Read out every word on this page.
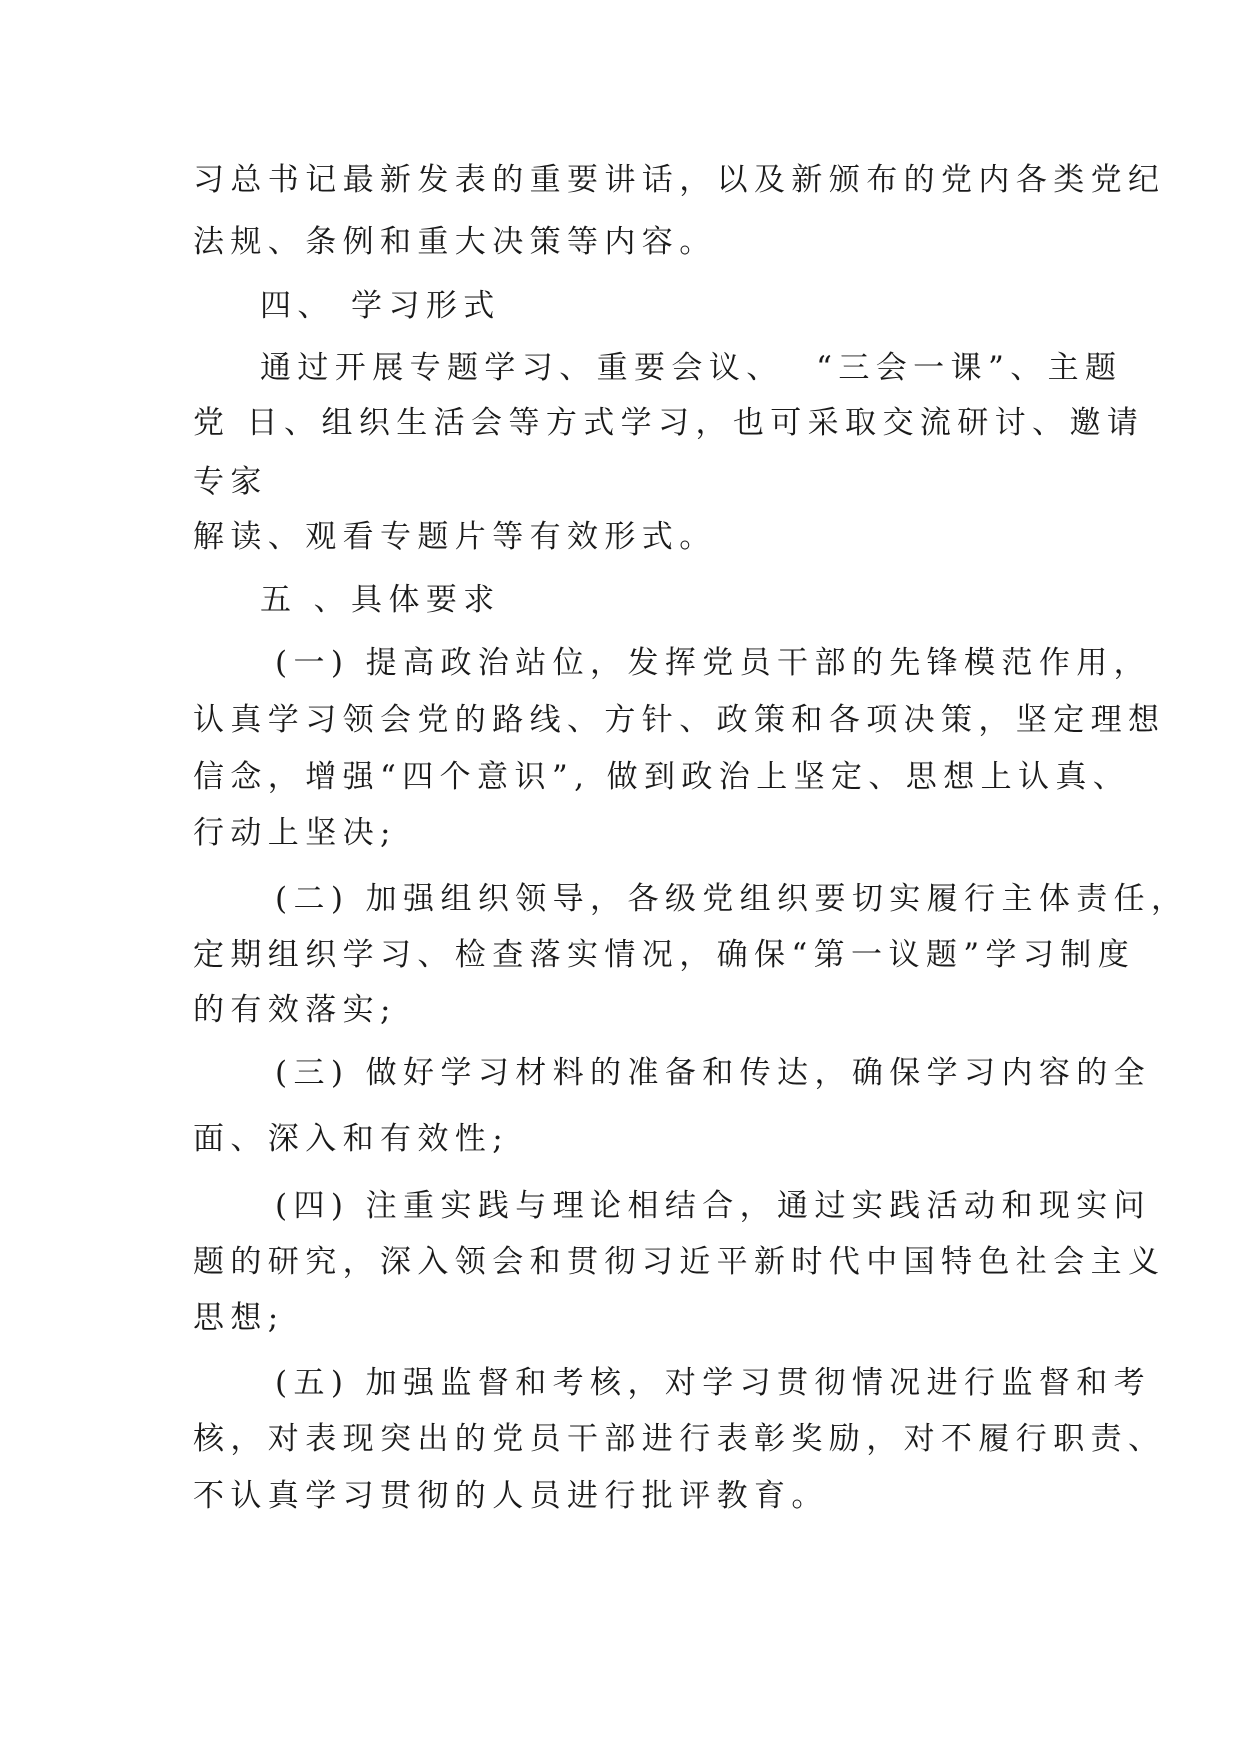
习总书记最新发表的重要讲话，以及新颁布的党内各类党纪
法规、条例和重大决策等内容。
四、 学习形式
通过开展专题学习、重要会议、  “三会一课”、主题
党 日、组织生活会等方式学习，也可采取交流研讨、邀请
专家
解读、观看专题片等有效形式。
五 、具体要求
(一) 提高政治站位，发挥党员干部的先锋模范作用，
认真学习领会党的路线、方针、政策和各项决策，坚定理想
信念，增强“四个意识”, 做到政治上坚定、思想上认真、
行动上坚决;
(二) 加强组织领导，各级党组织要切实履行主体责任，
定期组织学习、检查落实情况，确保“第一议题”学习制度
的有效落实;
(三) 做好学习材料的准备和传达，确保学习内容的全
面、深入和有效性;
(四) 注重实践与理论相结合，通过实践活动和现实问
题的研究，深入领会和贯彻习近平新时代中国特色社会主义
思想;
(五) 加强监督和考核，对学习贯彻情况进行监督和考
核，对表现突出的党员干部进行表彰奖励，对不履行职责、
不认真学习贯彻的人员进行批评教育。
